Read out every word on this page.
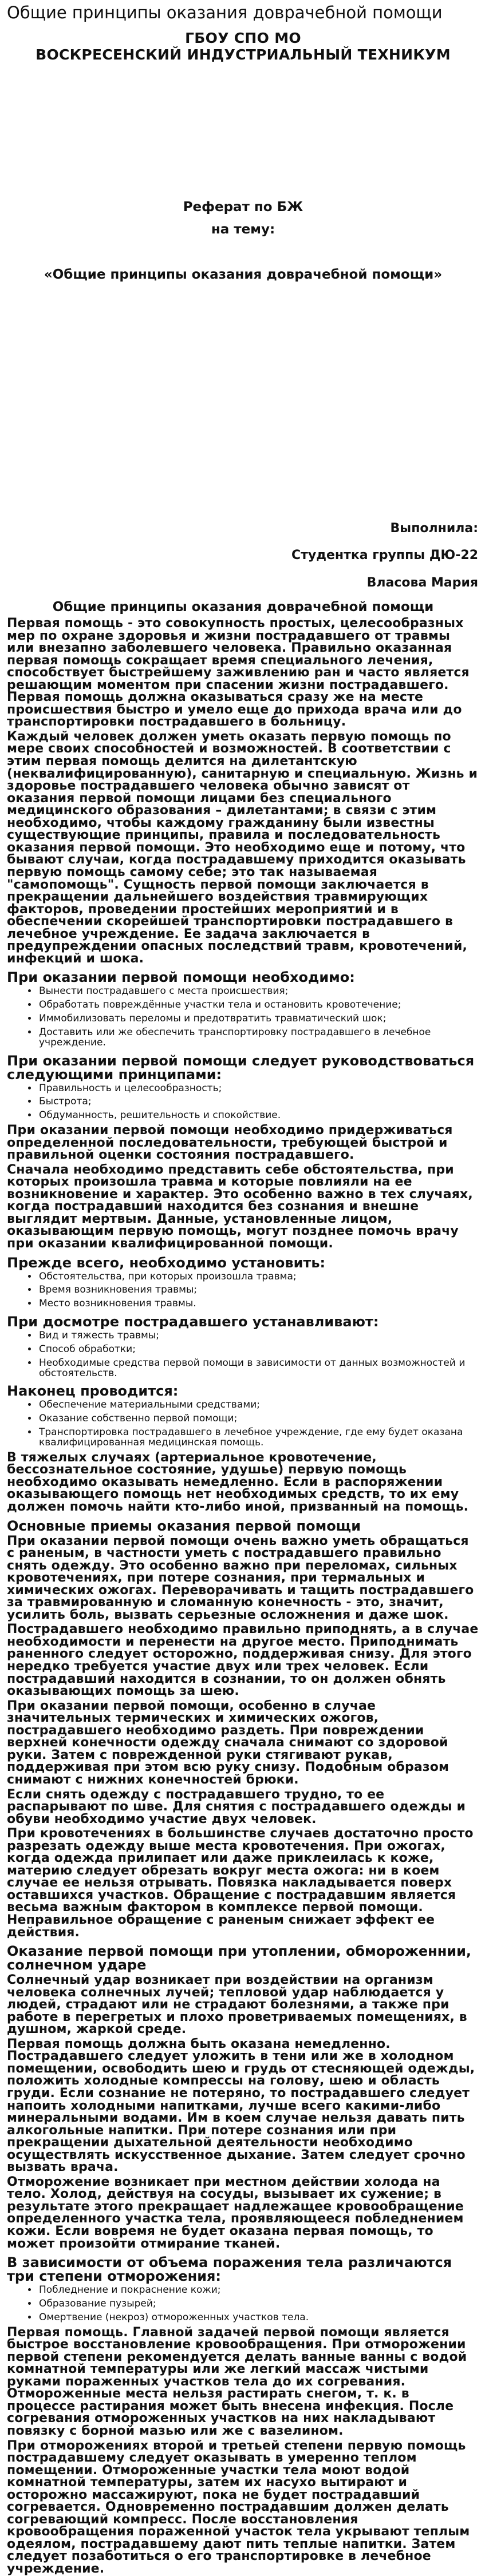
Общие принципы оказания доврачебной помощи
ГБОУ СПО МО
ВОСКРЕСЕНСКИЙ ИНДУСТРИАЛЬНЫЙ ТЕХНИКУМ
Реферат по БЖ
на тему:
«Общие принципы оказания доврачебной помощи»
Выполнила:
Студентка группы ДЮ-22
Власова Мария
Общие принципы оказания доврачебной помощи

Первая помощь - это совокупность простых, целесообразных мер по охране здоровья и жизни пострадавшего от травмы или внезапно заболевшего человека. Правильно оказанная первая помощь сокращает время специального лечения, способствует быстрейшему заживлению ран и часто является решающим моментом при спасении жизни пострадавшего. Первая помощь должна оказываться сразу же на месте происшествия быстро и умело еще до прихода врача или до транспортировки пострадавшего в больницу.

Каждый человек должен уметь оказать первую помощь по мере своих способностей и возможностей. В соответствии с этим первая помощь делится на дилетантскую (неквалифицированную), санитарную и специальную. Жизнь и здоровье пострадавшего человека обычно зависят от оказания первой помощи лицами без специального медицинского образования – дилетантами; в связи с этим необходимо, чтобы каждому гражданину были известны существующие принципы, правила и последовательность оказания первой помощи. Это необходимо еще и потому, что бывают случаи, когда пострадавшему приходится оказывать первую помощь самому себе; это так называемая "самопомощь". Сущность первой помощи заключается в прекращении дальнейшего воздействия травмирующих факторов, проведении простейших мероприятий и в обеспечении скорейшей транспортировки пострадавшего в лечебное учреждение. Ее задача заключается в предупреждении опасных последствий травм, кровотечений, инфекций и шока.

При оказании первой помощи необходимо:
• Вынести пострадавшего с места происшествия;
• Обработать повреждённые участки тела и остановить кровотечение;
• Иммобилизовать переломы и предотвратить травматический шок;
• Доставить или же обеспечить транспортировку пострадавшего в лечебное учреждение.
При оказании первой помощи следует руководствоваться следующими принципами:
• Правильность и целесообразность;
• Быстрота;
• Обдуманность, решительность и спокойствие.

При оказании первой помощи необходимо придерживаться определенной последовательности, требующей быстрой и правильной оценки состояния пострадавшего.

Сначала необходимо представить себе обстоятельства, при которых произошла травма и которые повлияли на ее возникновение и характер. Это особенно важно в тех случаях, когда пострадавший находится без сознания и внешне выглядит мертвым. Данные, установленные лицом, оказывающим первую помощь, могут позднее помочь врачу при оказании квалифицированной помощи.

Прежде всего, необходимо установить:
• Обстоятельства, при которых произошла травма;
• Время возникновения травмы;
• Место возникновения травмы.
При досмотре пострадавшего устанавливают:
• Вид и тяжесть травмы;
• Способ обработки;
• Необходимые средства первой помощи в зависимости от данных возможностей и обстоятельств.
Наконец проводится:
• Обеспечение материальными средствами;
• Оказание собственно первой помощи;
• Транспортировка пострадавшего в лечебное учреждение, где ему будет оказана квалифицированная медицинская помощь.

В тяжелых случаях (артериальное кровотечение, бессознательное состояние, удушье) первую помощь необходимо оказывать немедленно. Если в распоряжении оказывающего помощь нет необходимых средств, то их ему должен помочь найти кто-либо иной, призванный на помощь.

Основные приемы оказания первой помощи

При оказании первой помощи очень важно уметь обращаться с раненым, в частности уметь с пострадавшего правильно снять одежду. Это особенно важно при переломах, сильных кровотечениях, при потере сознания, при термальных и химических ожогах. Переворачивать и тащить пострадавшего за травмированную и сломанную конечность - это, значит, усилить боль, вызвать серьезные осложнения и даже шок.

Пострадавшего необходимо правильно приподнять, а в случае необходимости и перенести на другое место. Приподнимать раненного следует осторожно, поддерживая снизу. Для этого нередко требуется участие двух или трех человек. Если пострадавший находится в сознании, то он должен обнять оказывающих помощь за шею.

При оказании первой помощи, особенно в случае значительных термических и химических ожогов, пострадавшего необходимо раздеть. При повреждении верхней конечности одежду сначала снимают со здоровой руки. Затем с поврежденной руки стягивают рукав, поддерживая при этом всю руку снизу. Подобным образом снимают с нижних конечностей брюки.

Если снять одежду с пострадавшего трудно, то ее распарывают по шве. Для снятия с пострадавшего одежды и обуви необходимо участие двух человек.

При кровотечениях в большинстве случаев достаточно просто разрезать одежду выше места кровотечения. При ожогах, когда одежда прилипает или даже приклеилась к коже, материю следует обрезать вокруг места ожога: ни в коем случае ее нельзя отрывать. Повязка накладывается поверх оставшихся участков. Обращение с пострадавшим является весьма важным фактором в комплексе первой помощи. Неправильное обращение с раненым снижает эффект ее действия.

Оказание первой помощи при утоплении, обмороженнии, солнечном ударе

Солнечный удар возникает при воздействии на организм человека солнечных лучей; тепловой удар наблюдается у людей, страдают или не страдают болезнями, а также при работе в перегретых и плохо проветриваемых помещениях, в душном, жаркой среде.

Первая помощь должна быть оказана немедленно. Пострадавшего следует уложить в тени или же в холодном помещении, освободить шею и грудь от стесняющей одежды, положить холодные компрессы на голову, шею и область груди. Если сознание не потеряно, то пострадавшего следует напоить холодными напитками, лучше всего какими-либо минеральными водами. Им в коем случае нельзя давать пить алкогольные напитки. При потере сознания или при прекращении дыхательной деятельности необходимо осуществлять искусственное дыхание. Затем следует срочно вызвать врача.

Отморожение возникает при местном действии холода на тело. Холод, действуя на сосуды, вызывает их сужение; в результате этого прекращает надлежащее кровообращение определенного участка тела, проявляющееся побледнением кожи. Если вовремя не будет оказана первая помощь, то может произойти отмирание тканей.

В зависимости от объема поражения тела различаются три степени отморожения:
• Побледнение и покраснение кожи;
• Образование пузырей;
• Омертвение (некроз) отмороженных участков тела.

Первая помощь. Главной задачей первой помощи является быстрое восстановление кровообращения. При отморожении первой степени рекомендуется делать ванные ванны с водой комнатной температуры или же легкий массаж чистыми руками пораженных участков тела до их согревания. Отмороженные места нельзя растирать снегом, т. к. в процессе растирания может быть внесена инфекция. После согревания отмороженных участков на них накладывают повязку с борной мазью или же с вазелином.

При отморожениях второй и третьей степени первую помощь пострадавшему следует оказывать в умеренно теплом помещении. Отмороженные участки тела моют водой комнатной температуры, затем их насухо вытирают и осторожно массажируют, пока не будет пострадавший согревается. Одновременно пострадавшим должен делать согревающий компресс. После восстановления кровообращения пораженной участок тела укрывают теплым одеялом, пострадавшему дают пить теплые напитки. Затем следует позаботиться о его транспортировке в лечебное учреждение.
